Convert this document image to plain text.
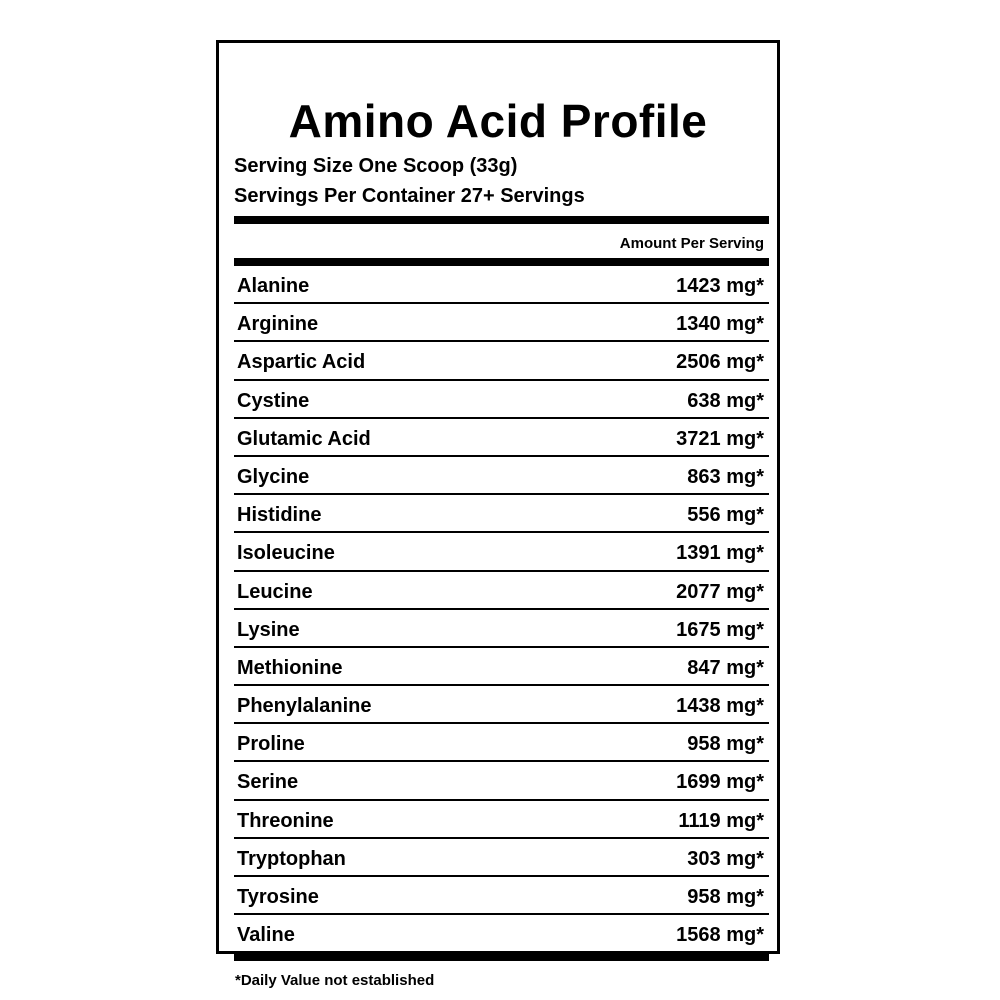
Amino Acid Profile
Serving Size One Scoop (33g)
Servings Per Container 27+ Servings
Amount Per Serving
Alanine	1423 mg*
Arginine	1340 mg*
Aspartic Acid	2506 mg*
Cystine	638 mg*
Glutamic Acid	3721 mg*
Glycine	863 mg*
Histidine	556 mg*
Isoleucine	1391 mg*
Leucine	2077 mg*
Lysine	1675 mg*
Methionine	847 mg*
Phenylalanine	1438 mg*
Proline	958 mg*
Serine	1699 mg*
Threonine	1119 mg*
Tryptophan	303 mg*
Tyrosine	958 mg*
Valine	1568 mg*
*Daily Value not established
